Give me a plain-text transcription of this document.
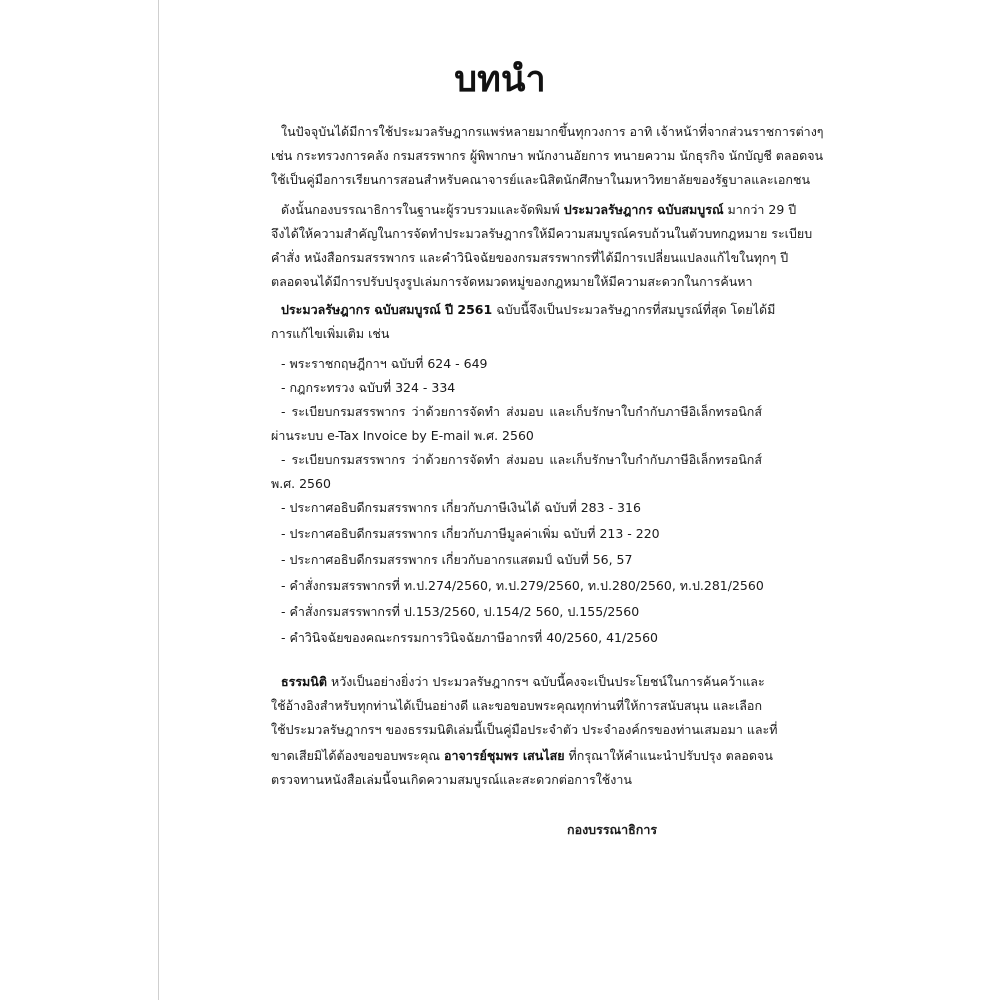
บทนำ

ในปัจจุบันได้มีการใช้ประมวลรัษฎากรแพร่หลายมากขึ้นทุกวงการ อาทิ เจ้าหน้าที่จากส่วนราชการต่างๆ

เช่น กระทรวงการคลัง กรมสรรพากร ผู้พิพากษา พนักงานอัยการ ทนายความ นักธุรกิจ นักบัญชี ตลอดจน

ใช้เป็นคู่มือการเรียนการสอนสำหรับคณาจารย์และนิสิตนักศึกษาในมหาวิทยาลัยของรัฐบาลและเอกชน

ดังนั้นกองบรรณาธิการในฐานะผู้รวบรวมและจัดพิมพ์ ประมวลรัษฎากร ฉบับสมบูรณ์ มากว่า 29 ปี

จึงได้ให้ความสำคัญในการจัดทำประมวลรัษฎากรให้มีความสมบูรณ์ครบถ้วนในตัวบทกฎหมาย ระเบียบ

คำสั่ง หนังสือกรมสรรพากร และคำวินิจฉัยของกรมสรรพากรที่ได้มีการเปลี่ยนแปลงแก้ไขในทุกๆ ปี

ตลอดจนได้มีการปรับปรุงรูปเล่มการจัดหมวดหมู่ของกฎหมายให้มีความสะดวกในการค้นหา

ประมวลรัษฎากร ฉบับสมบูรณ์ ปี 2561 ฉบับนี้จึงเป็นประมวลรัษฎากรที่สมบูรณ์ที่สุด โดยได้มี

การแก้ไขเพิ่มเติม เช่น

- พระราชกฤษฎีกาฯ ฉบับที่ 624 - 649

- กฎกระทรวง ฉบับที่ 324 - 334

- ระเบียบกรมสรรพากร ว่าด้วยการจัดทำ ส่งมอบ และเก็บรักษาใบกำกับภาษีอิเล็กทรอนิกส์

ผ่านระบบ e-Tax Invoice by E-mail พ.ศ. 2560

- ระเบียบกรมสรรพากร ว่าด้วยการจัดทำ ส่งมอบ และเก็บรักษาใบกำกับภาษีอิเล็กทรอนิกส์

พ.ศ. 2560

- ประกาศอธิบดีกรมสรรพากร เกี่ยวกับภาษีเงินได้ ฉบับที่ 283 - 316

- ประกาศอธิบดีกรมสรรพากร เกี่ยวกับภาษีมูลค่าเพิ่ม ฉบับที่ 213 - 220

- ประกาศอธิบดีกรมสรรพากร เกี่ยวกับอากรแสตมป์ ฉบับที่ 56, 57

- คำสั่งกรมสรรพากรที่ ท.ป.274/2560, ท.ป.279/2560, ท.ป.280/2560, ท.ป.281/2560

- คำสั่งกรมสรรพากรที่ ป.153/2560, ป.154/2 560, ป.155/2560

- คำวินิจฉัยของคณะกรรมการวินิจฉัยภาษีอากรที่ 40/2560, 41/2560

ธรรมนิติ หวังเป็นอย่างยิ่งว่า ประมวลรัษฎากรฯ ฉบับนี้คงจะเป็นประโยชน์ในการค้นคว้าและ

ใช้อ้างอิงสำหรับทุกท่านได้เป็นอย่างดี และขอขอบพระคุณทุกท่านที่ให้การสนับสนุน และเลือก

ใช้ประมวลรัษฎากรฯ ของธรรมนิติเล่มนี้เป็นคู่มือประจำตัว ประจำองค์กรของท่านเสมอมา และที่

ขาดเสียมิได้ต้องขอขอบพระคุณ อาจารย์ชุมพร เสนไสย ที่กรุณาให้คำแนะนำปรับปรุง ตลอดจน

ตรวจทานหนังสือเล่มนี้จนเกิดความสมบูรณ์และสะดวกต่อการใช้งาน

กองบรรณาธิการ
